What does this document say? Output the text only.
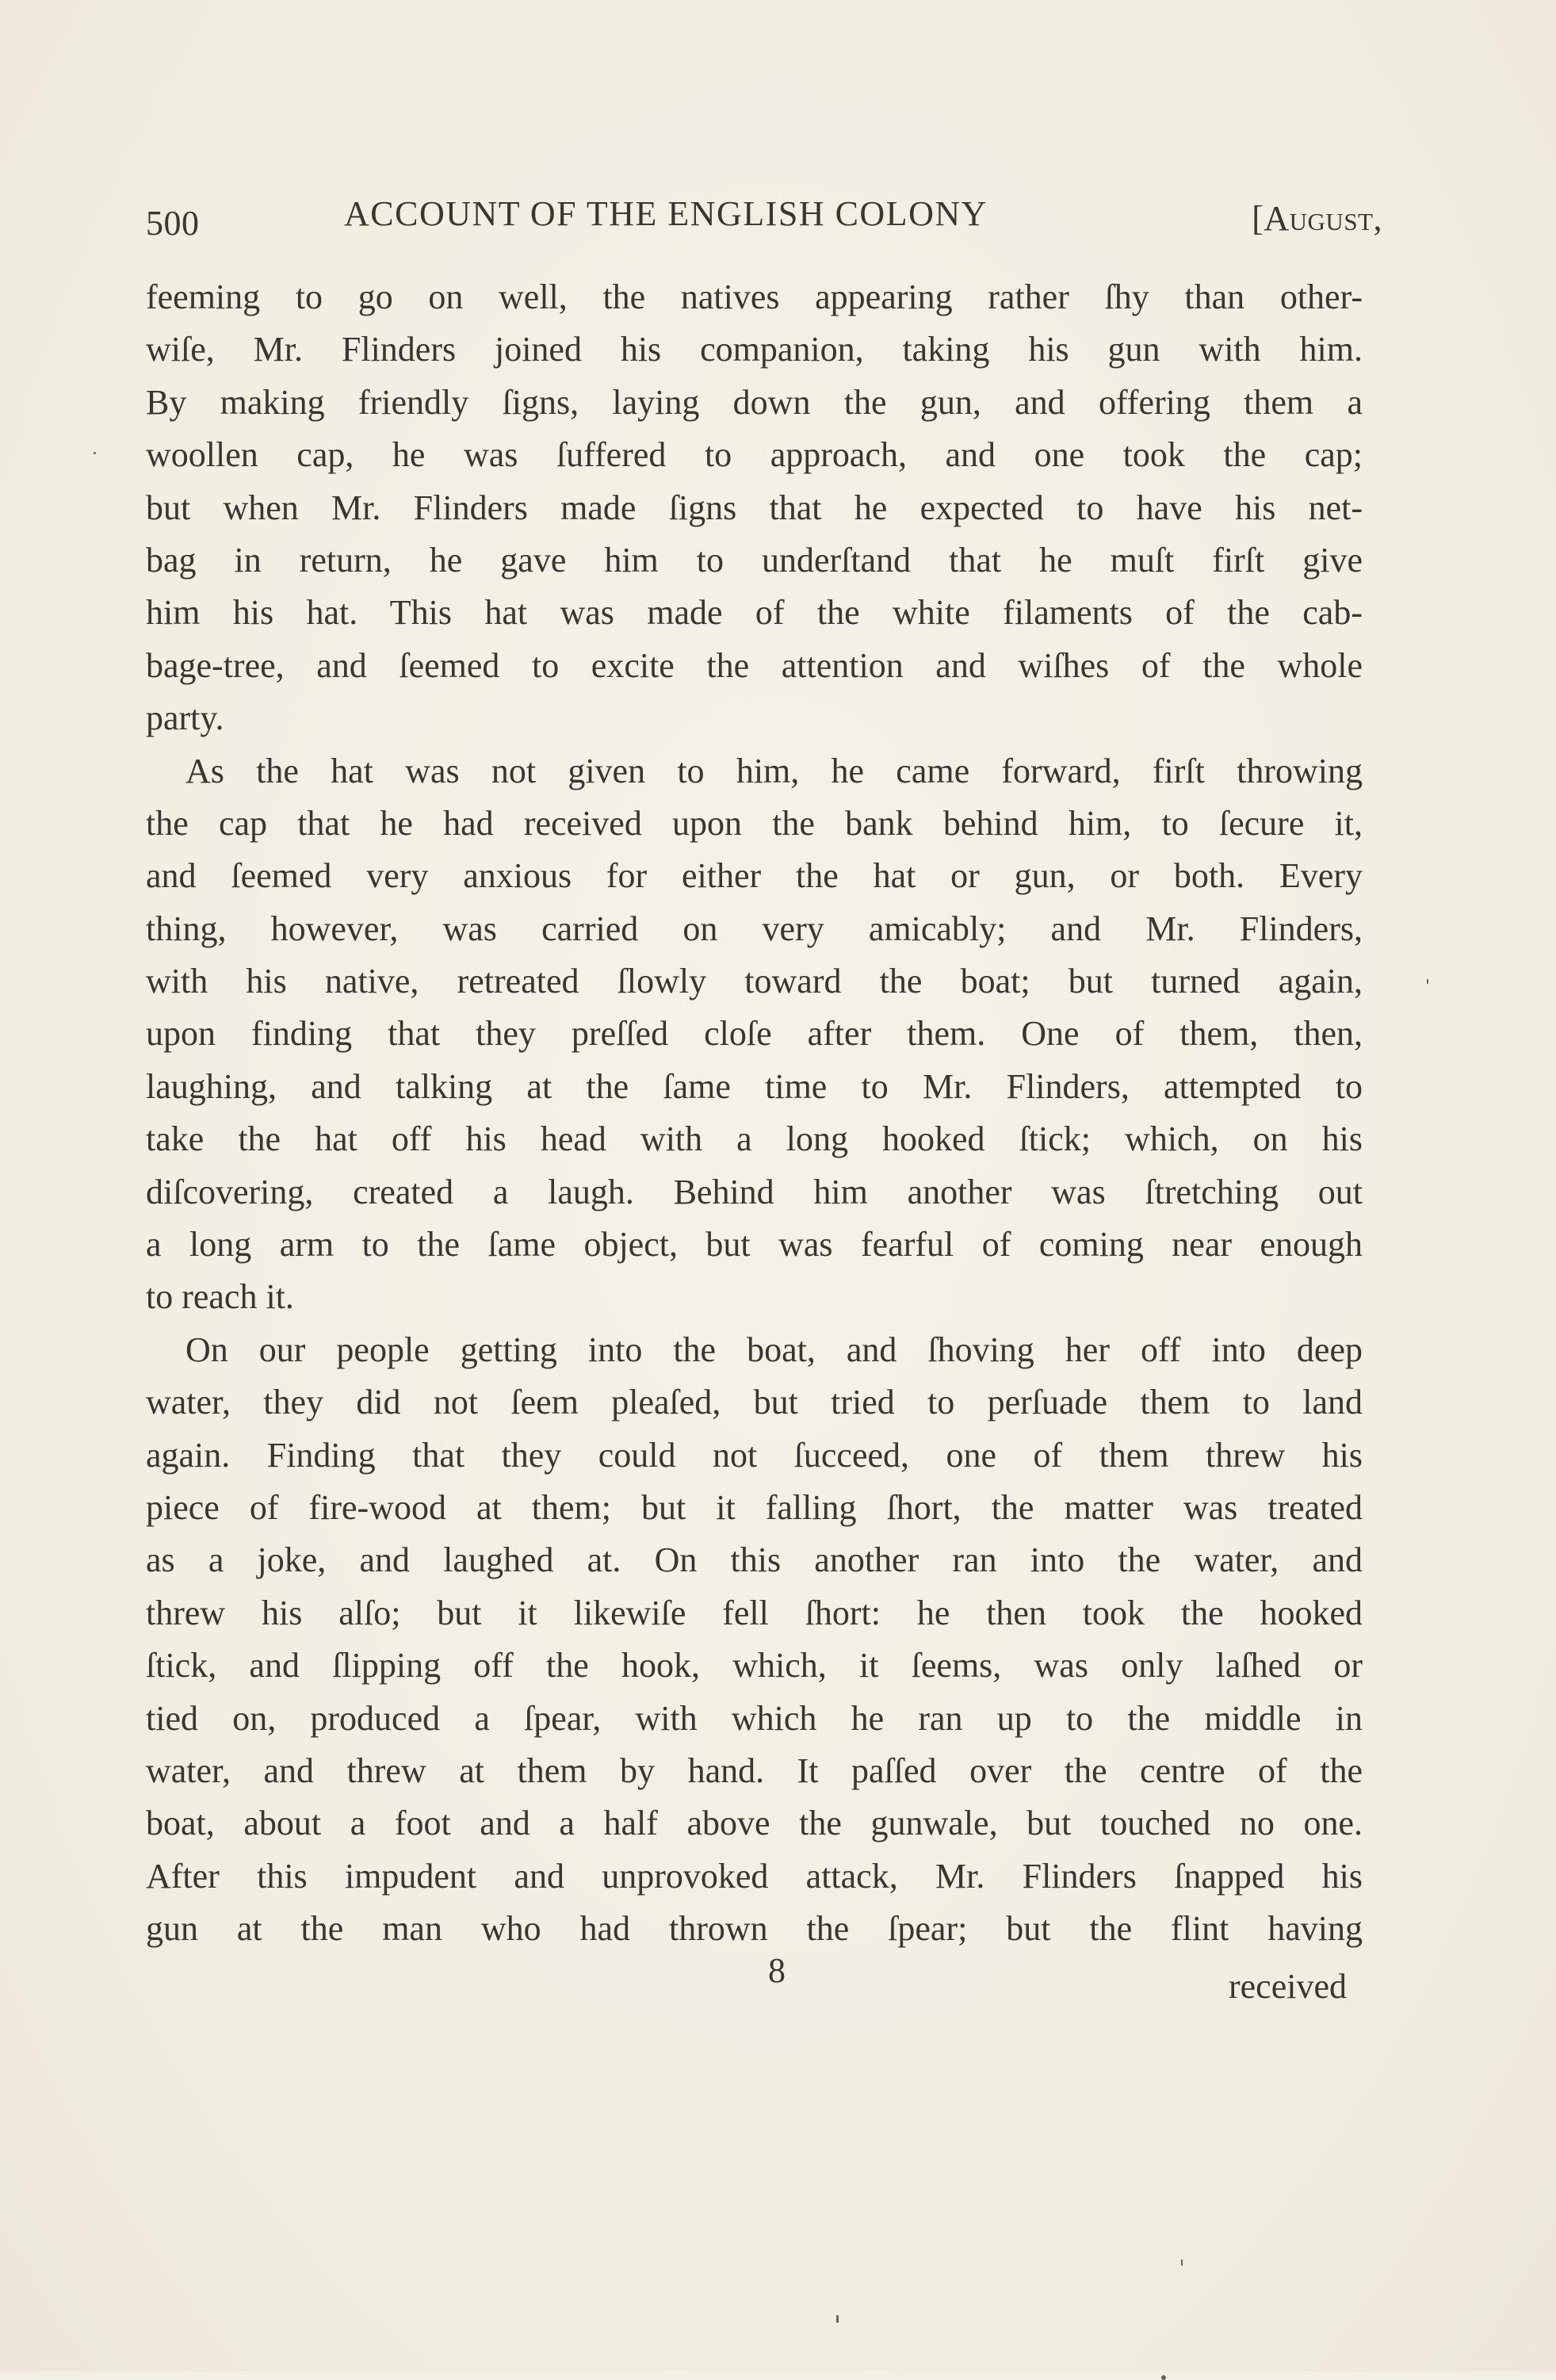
500	ACCOUNT OF THE ENGLISH COLONY	[August,
feeming to go on well, the natives appearing rather ſhy than other-
wiſe, Mr. Flinders joined his companion, taking his gun with him.
By making friendly ſigns, laying down the gun, and offering them a
woollen cap, he was ſuffered to approach, and one took the cap;
but when Mr. Flinders made ſigns that he expected to have his net-
bag in return, he gave him to underſtand that he muſt firſt give
him his hat. This hat was made of the white filaments of the cab-
bage-tree, and ſeemed to excite the attention and wiſhes of the whole
party.
As the hat was not given to him, he came forward, firſt throwing
the cap that he had received upon the bank behind him, to ſecure it,
and ſeemed very anxious for either the hat or gun, or both. Every
thing, however, was carried on very amicably; and Mr. Flinders,
with his native, retreated ſlowly toward the boat; but turned again,
upon finding that they preſſed cloſe after them. One of them, then,
laughing, and talking at the ſame time to Mr. Flinders, attempted to
take the hat off his head with a long hooked ſtick; which, on his
diſcovering, created a laugh. Behind him another was ſtretching out
a long arm to the ſame object, but was fearful of coming near enough
to reach it.
On our people getting into the boat, and ſhoving her off into deep
water, they did not ſeem pleaſed, but tried to perſuade them to land
again. Finding that they could not ſucceed, one of them threw his
piece of fire-wood at them; but it falling ſhort, the matter was treated
as a joke, and laughed at. On this another ran into the water, and
threw his alſo; but it likewiſe fell ſhort: he then took the hooked
ſtick, and ſlipping off the hook, which, it ſeems, was only laſhed or
tied on, produced a ſpear, with which he ran up to the middle in
water, and threw at them by hand. It paſſed over the centre of the
boat, about a foot and a half above the gunwale, but touched no one.
After this impudent and unprovoked attack, Mr. Flinders ſnapped his
gun at the man who had thrown the ſpear; but the flint having
8	received
